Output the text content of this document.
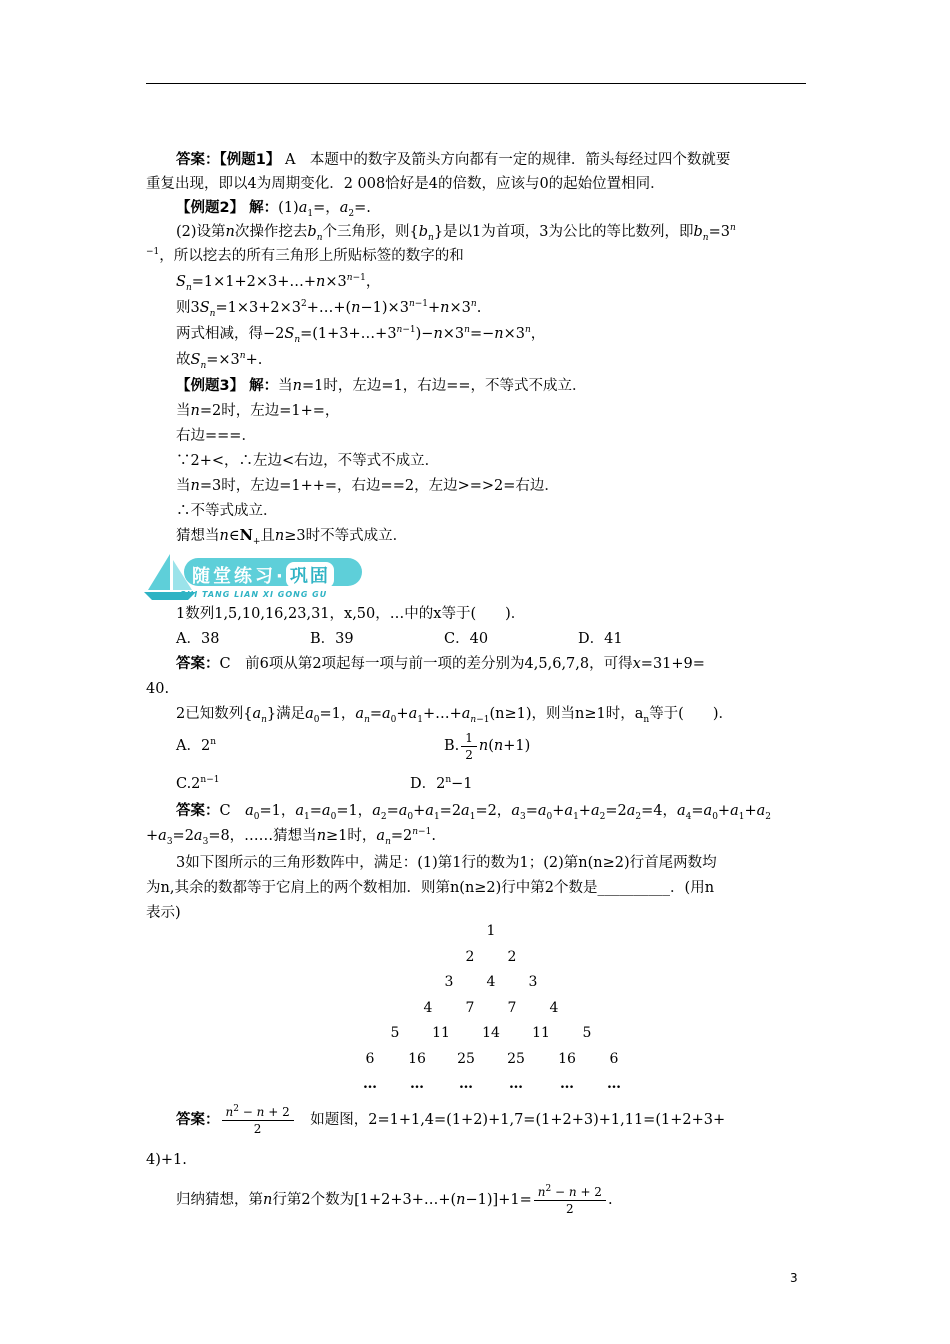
答案：【例题1】 A　本题中的数字及箭头方向都有一定的规律．箭头每经过四个数就要
重复出现，即以4为周期变化．2 008恰好是4的倍数，应该与0的起始位置相同．
【例题2】 解：$(1)a_1=$，$a_2=$.
(2)设第n次操作挖去$b_n$个三角形，则$\{b_n\}$是以1为首项，3为公比的等比数列，即$b_n=3^n$
$^{-1}$，所以挖去的所有三角形上所贴标签的数字的和
$S_n=1\times 1+2\times 3+\dots+n\times 3^{n-1}$，
则$3S_n=1\times 3+2\times 3^2+\dots+(n-1)\times 3^{n-1}+n\times 3^n$.
两式相减，得$-2S_n=(1+3+\dots+3^{n-1})-n\times 3^n=-n\times 3^n$，
故$S_n=\times 3^n+$.
【例题3】 解：当n=1时，左边=1，右边==，不等式不成立．
当n=2时，左边=1+=，
右边===．
∵2+<，∴左边<右边，不等式不成立．
当n=3时，左边=1++=，右边==2，左边>=>2=右边．
∴不等式成立．
猜想当$n\in N_+$且n≥3时不等式成立．
随堂练习· 巩固
SUI TANG LIAN XI GONG GU
1数列1,5,10,16,23,31，x,50，…中的x等于(　　)．
A．38	B．39	C．40	D．41
答案：C　前6项从第2项起每一项与前一项的差分别为4,5,6,7,8，可得x=31+9=
40.
2已知数列$\{a_n\}$满足$a_0=1$，$a_n=a_0+a_1+\dots+a_{n-1}(n\ge 1)$，则当n≥1时，$a_n$等于(　　)．
A．2$^n$	B. $\frac{1}{2} n(n+1)$
$C.2^{n-1}$	D．$2^n-1$
答案：C　 $a_0=1$，$a_1=a_0=1$，$a_2=a_0+a_1=2a_1=2$，$a_3=a_0+a_1+a_2=2a_2=4$，$a_4=a_0+a_1+a_2$
$+a_3=2a_3=8$，……猜想当n≥1时，$a_n=2^{n-1}$.
3如下图所示的三角形数阵中，满足：(1)第1行的数为1；(2)第n(n≥2)行首尾两数均
为n,其余的数都等于它肩上的两个数相加．则第n(n≥2)行中第2个数是__________．(用n
表示)
1
2	2
3	4	3
4	7	7	4
5	11	14	11	5
6	16	25	25	16	6
…	…	…	…	…	…
答案： $\frac{n^2 - n + 2}{2}$
　 如题图，2=1+1,4=(1+2)+1,7=(1+2+3)+1,11=(1+2+3+
4)+1.
归纳猜想，第n行第2个数为[1+2+3+…+(n−1)]+1= $\frac{n^2 - n + 2}{2}$ .
3
